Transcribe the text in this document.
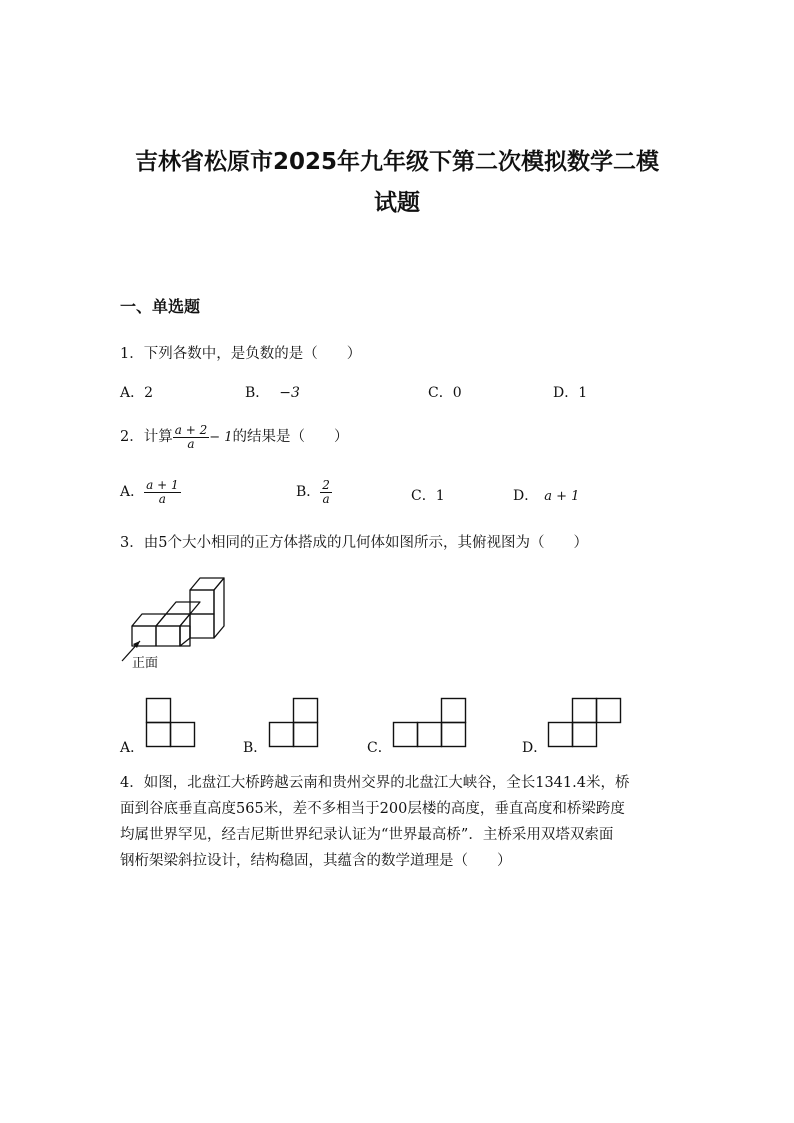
吉林省松原市2025年九年级下第二次模拟数学二模
试题
一、单选题
1．下列各数中，是负数的是（　　）
A．2	B． −3	C．0	D．1
2．计算 $\frac{a + 2}{a} - 1$的结果是（　　）
A． $\frac{a + 1}{a}$	B． $\frac{2}{a}$	C．1	D． a + 1
3．由5个大小相同的正方体搭成的几何体如图所示，其俯视图为（　　）
正面
A．	B．	C．	D．
4．如图，北盘江大桥跨越云南和贵州交界的北盘江大峡谷，全长1341.4米，桥
面到谷底垂直高度565米，差不多相当于200层楼的高度，垂直高度和桥梁跨度
均属世界罕见，经吉尼斯世界纪录认证为“世界最高桥”．主桥采用双塔双索面
钢桁架梁斜拉设计，结构稳固，其蕴含的数学道理是（　　）
